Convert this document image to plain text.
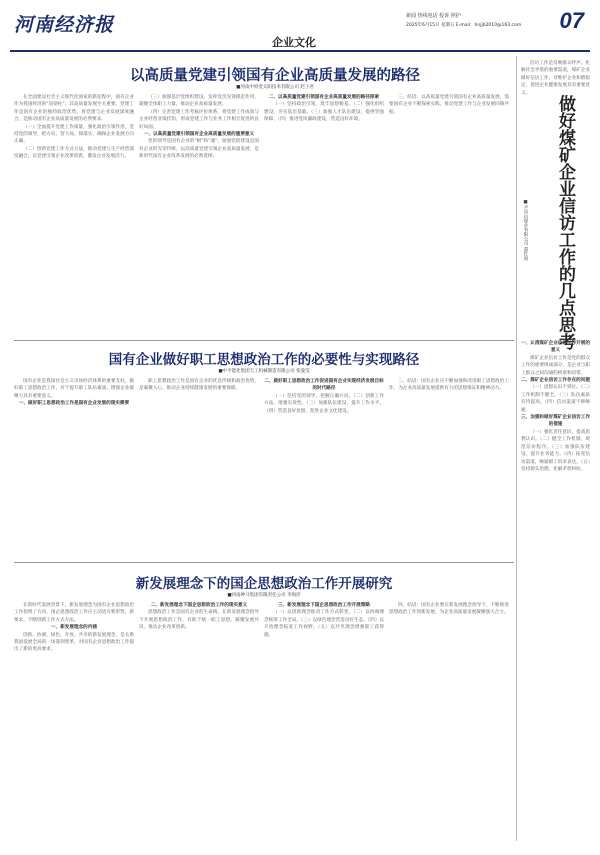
河南经济报
企业文化
新闻 热线电话 投诉 照护
2025年6月15日 星期五 E-mail：hnjjb2010@163.com 07
以高质量党建引领国有企业高质量发展的路径
■河南中原金太阳技术有限公司 赵子君

在全面建设社会主义现代化国家的新征程中，国有企业作为我国经济的"顶梁柱"，其高质量发展至关重要。党建工作是国有企业的独特政治优势，将党建与企业发展深度融合，是推动国有企业高质量发展的必然要求。

（一）全面提升党建工作质量，强化政治引领作用，坚持党的领导，把方向、管大局、保落实，确保企业发展方向正确。

（二）创新党建工作方式方法，推动党建与生产经营深度融合，以党建引领企业改革创新，激发企业发展活力。

（三）加强基层党组织建设，发挥党员先锋模范作用，凝聚全体职工力量，推动企业高质量发展。

（四）完善党建工作考核评价体系，将党建工作成效与企业经营业绩挂钩，形成党建工作与业务工作相互促进的良好局面。

一、以高质量党建引领国有企业高质量发展的重要意义

党的领导是国有企业的"根"和"魂"，加强党的建设是国有企业的光荣传统，以高质量党建引领企业高质量发展，是新时代国有企业改革发展的必然选择。

二、以高质量党建引领国有企业高质量发展的路径探索

（一）坚持政治引领，筑牢思想根基。（二）强化组织建设，夯实基层基础。（三）加强人才队伍建设，提供坚强保障。（四）推进党风廉政建设，营造良好环境。

三、结语：以高质量党建引领国有企业高质量发展，需要国有企业不断探索实践，推动党建工作与企业发展同频共振。	做好煤矿企业信访工作的几点思考
■平顶山煤业有限公司 董红娟

信访工作是反映群众呼声、化解社会矛盾的重要渠道，煤矿企业做好信访工作，对维护企业和谐稳定、促进企业健康发展具有重要意义。

一、认清煤矿企业信访工作开展的意义

煤矿企业信访工作是党的群众工作的重要组成部分，是企业与职工群众之间沟通的桥梁和纽带。

二、煤矿企业信访工作存在的问题

（一）思想认识不到位。（二）工作机制不健全。（三）队伍素质有待提高。（四）信访渠道不够畅通。

三、加强和做好煤矿企业信访工作的措施

（一）强化责任意识，提高思想认识。（二）健全工作机制，规范信访程序。（三）加强队伍建设，提升业务能力。（四）拓宽信访渠道，畅通职工诉求表达。（五）坚持源头治理，化解矛盾纠纷。

国有企业做好职工思想政治工作的必要性与实现路径
■中平能化集团天工机械制造有限公司 张曼莹

国有企业是我国社会主义市场经济体系的重要支柱，做好职工思想政治工作，对于提升职工队伍素质、增强企业凝聚力具有重要意义。

一、做好职工思想政治工作是国有企业发展的现实需要

职工思想政治工作是国有企业的优良传统和政治优势，是凝聚人心、推动企业持续健康发展的重要保障。

二、做好职工思想政治工作促进国有企业实现经济发展目标的时代路径

（一）坚持党的领导，把握正确方向。（二）创新工作方法，增强实效性。（三）加强队伍建设，提升工作水平。（四）营造良好氛围，促进企业文化建设。

三、结语：国有企业应不断加强和改进职工思想政治工作，为企业高质量发展提供有力的思想保证和精神动力。

新发展理念下的国企思想政治工作开展研究
■河南神马集团有限责任公司 李海洋

在新时代发展背景下，新发展理念为国有企业思想政治工作指明了方向，国企思想政治工作应主动适应新形势、新要求，不断创新工作方式方法。

一、新发展理念的内涵

创新、协调、绿色、开放、共享的新发展理念，是关系我国发展全局的一场深刻变革，对国有企业思想政治工作提出了新的更高要求。

二、新发展理念下国企思想政治工作的现实意义

思想政治工作是国有企业的生命线，在新发展理念指导下开展思想政治工作，有助于统一职工思想，凝聚发展共识，推动企业改革创新。

三、新发展理念下国企思想政治工作开展策略

（一）以创新理念推动工作方式转变。（二）以协调理念统筹工作全局。（三）以绿色理念营造良好生态。（四）以开放理念拓宽工作视野。（五）以共享理念增强职工获得感。

四、结语：国有企业要在新发展理念指导下，不断推进思想政治工作创新发展，为企业高质量发展凝聚强大合力。
